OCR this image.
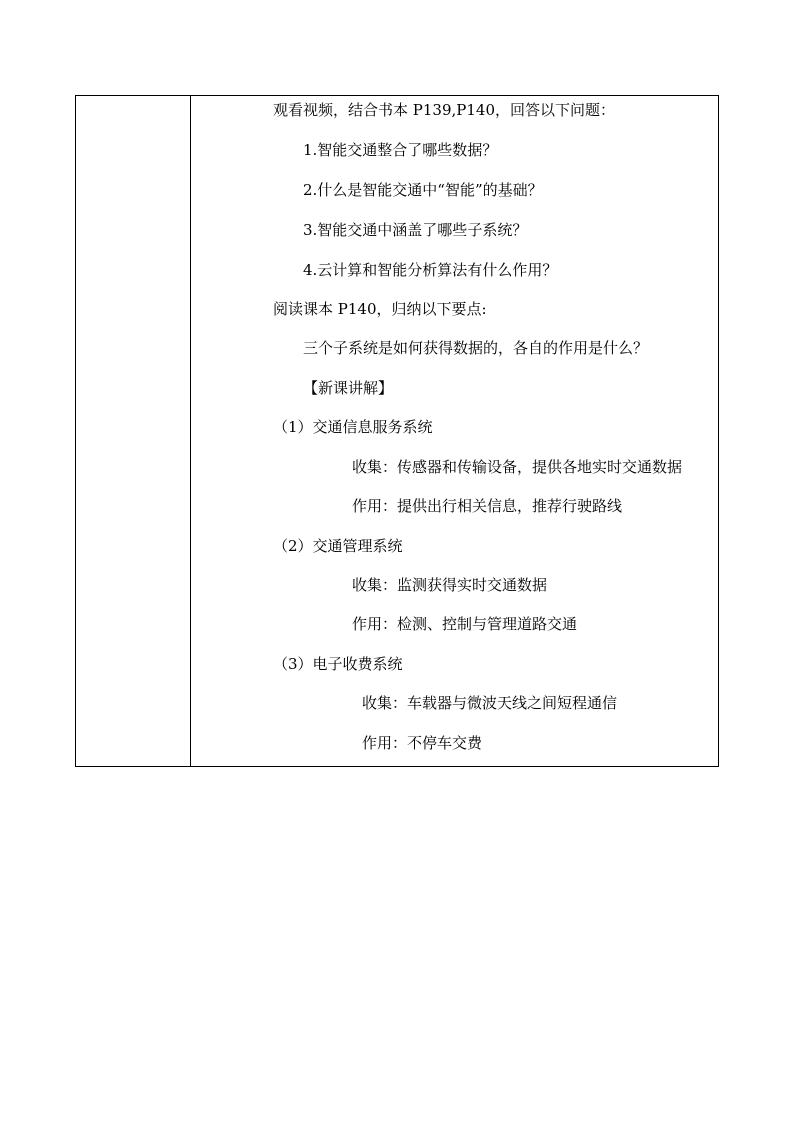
观看视频，结合书本 P139,P140，回答以下问题：
1.智能交通整合了哪些数据？
2.什么是智能交通中“智能”的基础？
3.智能交通中涵盖了哪些子系统？
4.云计算和智能分析算法有什么作用？
阅读课本 P140，归纳以下要点:
三个子系统是如何获得数据的，各自的作用是什么？
【新课讲解】
（1）交通信息服务系统
收集：传感器和传输设备，提供各地实时交通数据
作用：提供出行相关信息，推荐行驶路线
（2）交通管理系统
收集：监测获得实时交通数据
作用：检测、控制与管理道路交通
（3）电子收费系统
收集：车载器与微波天线之间短程通信
作用：不停车交费
